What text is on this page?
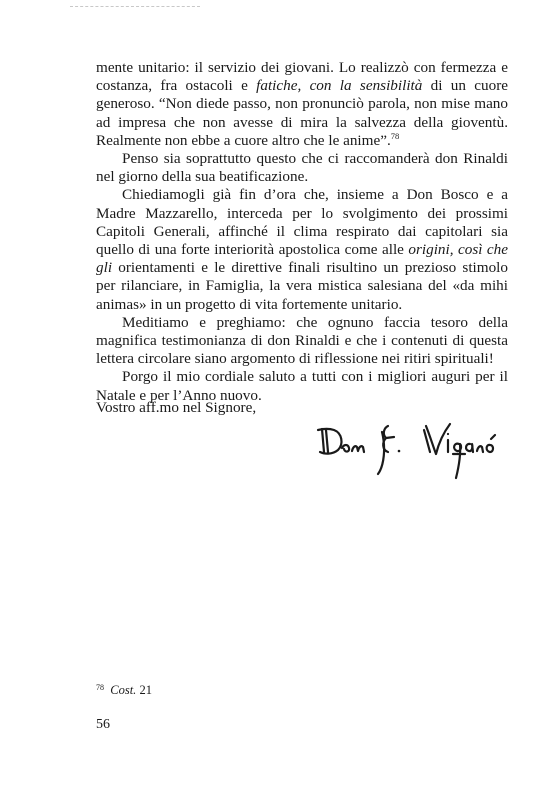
mente unitario: il servizio dei giovani. Lo realizzò con fermezza e costanza, fra ostacoli e fatiche, con la sensibilità di un cuore generoso. “Non diede passo, non pronunciò parola, non mise mano ad impresa che non avesse di mira la salvezza della gioventù. Realmente non ebbe a cuore altro che le anime”.$^{78}$

Penso sia soprattutto questo che ci raccomanderà don Rinaldi nel giorno della sua beatificazione.

Chiediamogli già fin d’ora che, insieme a Don Bosco e a Madre Mazzarello, interceda per lo svolgimento dei prossimi Capitoli Generali, affinché il clima respirato dai capitolari sia quello di una forte interiorità apostolica come alle origini, così che gli orientamenti e le direttive finali risultino un prezioso stimolo per rilanciare, in Famiglia, la vera mistica salesiana del «da mihi animas» in un progetto di vita fortemente unitario.

Meditiamo e preghiamo: che ognuno faccia tesoro della magnifica testimonianza di don Rinaldi e che i contenuti di questa lettera circolare siano argomento di riflessione nei ritiri spirituali!

Porgo il mio cordiale saluto a tutti con i migliori auguri per il Natale e per l’Anno nuovo.

Vostro aff.mo nel Signore,
$^{78}$ Cost. 21
56
